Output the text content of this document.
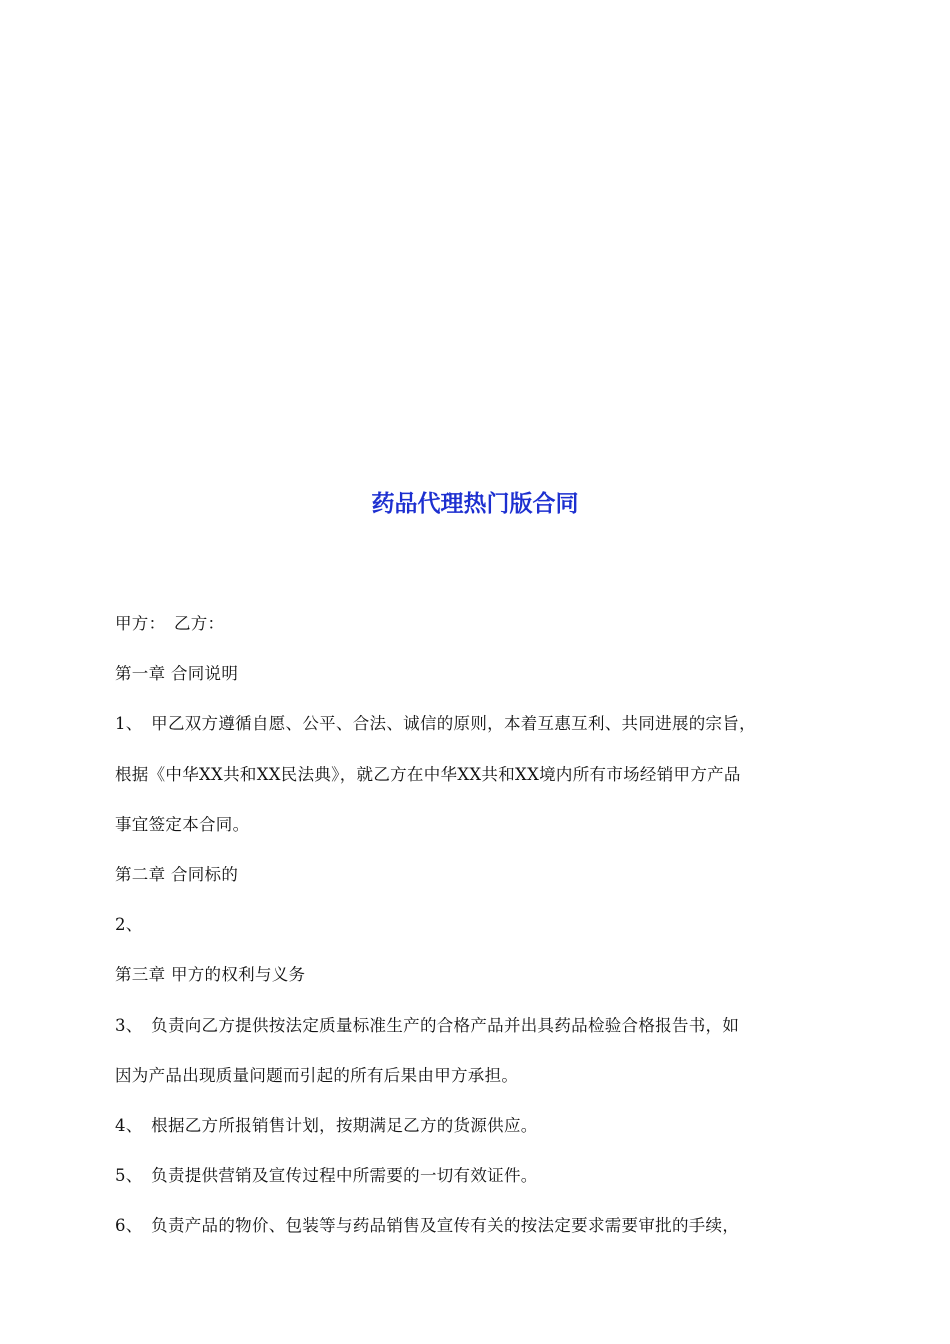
药品代理热门版合同
甲方：　乙方：
第一章 合同说明
1、　甲乙双方遵循自愿、公平、合法、诚信的原则，本着互惠互利、共同进展的宗旨，
根据《中华XX共和XX民法典》，就乙方在中华XX共和XX境内所有市场经销甲方产品
事宜签定本合同。
第二章 合同标的
2、
第三章 甲方的权利与义务
3、　负责向乙方提供按法定质量标准生产的合格产品并出具药品检验合格报告书，如
因为产品出现质量问题而引起的所有后果由甲方承担。
4、　根据乙方所报销售计划，按期满足乙方的货源供应。
5、　负责提供营销及宣传过程中所需要的一切有效证件。
6、　负责产品的物价、包装等与药品销售及宣传有关的按法定要求需要审批的手续，
